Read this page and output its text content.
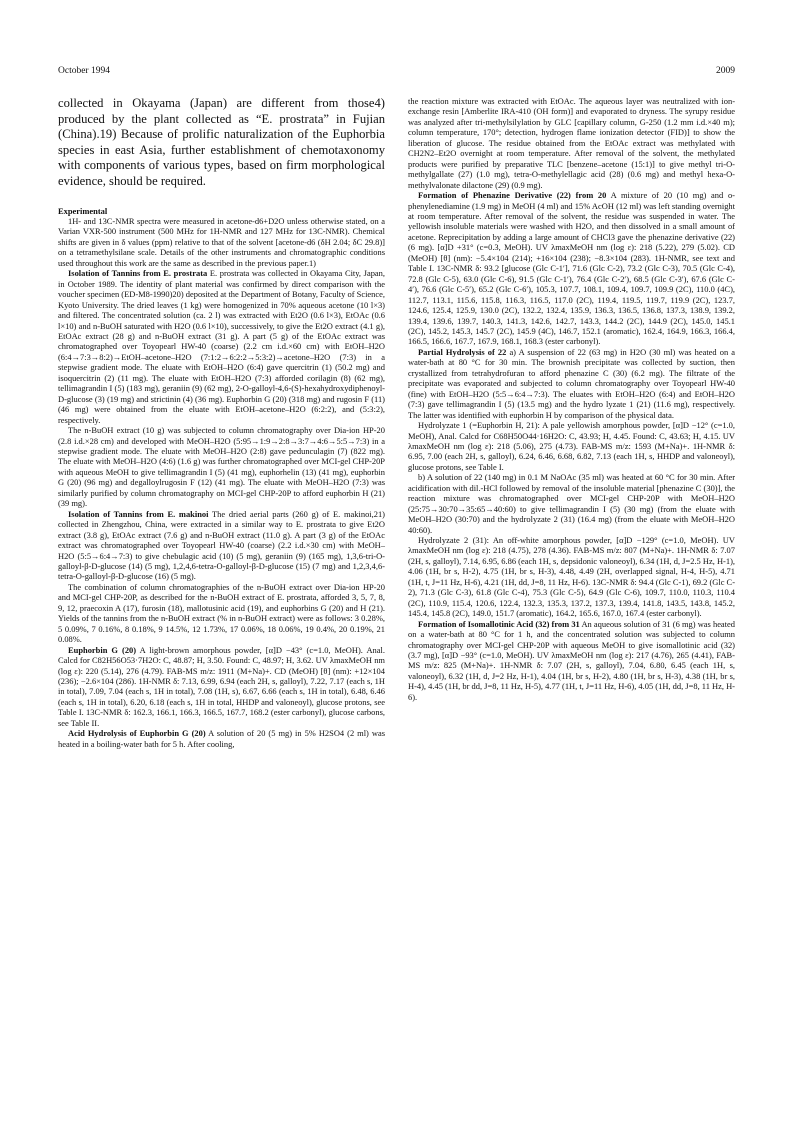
October 1994	2009

collected in Okayama (Japan) are different from those4) produced by the plant collected as “E. prostrata” in Fujian (China).19) Because of prolific naturalization of the Euphorbia species in east Asia, further establishment of chemotaxonomy with components of various types, based on firm morphological evidence, should be required.

Experimental

1H- and 13C-NMR spectra were measured in acetone-d6+D2O unless otherwise stated, on a Varian VXR-500 instrument (500 MHz for 1H-NMR and 127 MHz for 13C-NMR). Chemical shifts are given in δ values (ppm) relative to that of the solvent [acetone-d6 (δH 2.04; δC 29.8)] on a tetramethylsilane scale. Details of the other instruments and chromatographic conditions used throughout this work are the same as described in the previous paper.1)

Isolation of Tannins from E. prostrata E. prostrata was collected in Okayama City, Japan, in October 1989. The identity of plant material was confirmed by direct comparison with the voucher specimen (ED-M8-1990)20) deposited at the Department of Botany, Faculty of Science, Kyoto University. The dried leaves (1 kg) were homogenized in 70% aqueous acetone (10 l×3) and filtered. The concentrated solution (ca. 2 l) was extracted with Et2O (0.6 l×3), EtOAc (0.6 l×10) and n-BuOH saturated with H2O (0.6 l×10), successively, to give the Et2O extract (4.1 g), EtOAc extract (28 g) and n-BuOH extract (31 g). A part (5 g) of the EtOAc extract was chromatographed over Toyopearl HW-40 (coarse) (2.2 cm i.d.×60 cm) with EtOH–H2O (6:4→7:3→8:2)→EtOH–acetone–H2O (7:1:2→6:2:2→5:3:2)→acetone–H2O (7:3) in a stepwise gradient mode. The eluate with EtOH–H2O (6:4) gave quercitrin (1) (50.2 mg) and isoquercitrin (2) (11 mg). The eluate with EtOH–H2O (7:3) afforded corilagin (8) (62 mg), tellimagrandin I (5) (183 mg), geraniin (9) (62 mg), 2-O-galloyl-4,6-(S)-hexahydroxydiphenoyl-D-glucose (3) (19 mg) and strictinin (4) (36 mg). Euphorbin G (20) (318 mg) and rugosin F (11) (46 mg) were obtained from the eluate with EtOH–acetone–H2O (6:2:2), and (5:3:2), respectively.

The n-BuOH extract (10 g) was subjected to column chromatography over Dia-ion HP-20 (2.8 i.d.×28 cm) and developed with MeOH–H2O (5:95→1:9→2:8→3:7→4:6→5:5→7:3) in a stepwise gradient mode. The eluate with MeOH–H2O (2:8) gave pedunculagin (7) (822 mg). The eluate with MeOH–H2O (4:6) (1.6 g) was further chromatographed over MCI-gel CHP-20P with aqueous MeOH to give tellimagrandin I (5) (41 mg), euphorhelin (13) (41 mg), euphorbin G (20) (96 mg) and degalloylrugosin F (12) (41 mg). The eluate with MeOH–H2O (7:3) was similarly purified by column chromatography on MCI-gel CHP-20P to afford euphorbin H (21) (39 mg).

Isolation of Tannins from E. makinoi The dried aerial parts (260 g) of E. makinoi,21) collected in Zhengzhou, China, were extracted in a similar way to E. prostrata to give Et2O extract (3.8 g), EtOAc extract (7.6 g) and n-BuOH extract (11.0 g). A part (3 g) of the EtOAc extract was chromatographed over Toyopearl HW-40 (coarse) (2.2 i.d.×30 cm) with MeOH–H2O (5:5→6:4→7:3) to give chebulagic acid (10) (5 mg), geraniin (9) (165 mg), 1,3,6-tri-O-galloyl-β-D-glucose (14) (5 mg), 1,2,4,6-tetra-O-galloyl-β-D-glucose (15) (7 mg) and 1,2,3,4,6-tetra-O-galloyl-β-D-glucose (16) (5 mg).

The combination of column chromatographies of the n-BuOH extract over Dia-ion HP-20 and MCI-gel CHP-20P, as described for the n-BuOH extract of E. prostrata, afforded 3, 5, 7, 8, 9, 12, praecoxin A (17), furosin (18), mallotusinic acid (19), and euphorbins G (20) and H (21). Yields of the tannins from the n-BuOH extract (% in n-BuOH extract) were as follows: 3 0.28%, 5 0.09%, 7 0.16%, 8 0.18%, 9 14.5%, 12 1.73%, 17 0.06%, 18 0.06%, 19 0.4%, 20 0.19%, 21 0.08%.

Euphorbin G (20) A light-brown amorphous powder, [α]D −43° (c=1.0, MeOH). Anal. Calcd for C82H56O53·7H2O: C, 48.87; H, 3.50. Found: C, 48.97; H, 3.62. UV λmaxMeOH nm (log ε): 220 (5.14), 276 (4.79). FAB-MS m/z: 1911 (M+Na)+. CD (MeOH) [θ] (nm): +12×104 (236); −2.6×104 (286). 1H-NMR δ: 7.13, 6.99, 6.94 (each 2H, s, galloyl), 7.22, 7.17 (each s, 1H in total), 7.09, 7.04 (each s, 1H in total), 7.08 (1H, s), 6.67, 6.66 (each s, 1H in total), 6.48, 6.46 (each s, 1H in total), 6.20, 6.18 (each s, 1H in total, HHDP and valoneoyl), glucose protons, see Table I. 13C-NMR δ: 162.3, 166.1, 166.3, 166.5, 167.7, 168.2 (ester carbonyl), glucose carbons, see Table II.

Acid Hydrolysis of Euphorbin G (20) A solution of 20 (5 mg) in 5% H2SO4 (2 ml) was heated in a boiling-water bath for 5 h. After cooling,

the reaction mixture was extracted with EtOAc. The aqueous layer was neutralized with ion-exchange resin [Amberlite IRA-410 (OH form)] and evaporated to dryness. The syrupy residue was analyzed after tri-methylsilylation by GLC [capillary column, G-250 (1.2 mm i.d.×40 m); column temperature, 170°; detection, hydrogen flame ionization detector (FID)] to show the liberation of glucose. The residue obtained from the EtOAc extract was methylated with CH2N2–Et2O overnight at room temperature. After removal of the solvent, the methylated products were purified by preparative TLC [benzene–acetone (15:1)] to give methyl tri-O-methylgallate (27) (1.0 mg), tetra-O-methylellagic acid (28) (0.6 mg) and methyl hexa-O-methylvalonate dilactone (29) (0.9 mg).

Formation of Phenazine Derivative (22) from 20 A mixture of 20 (10 mg) and o-phenylenediamine (1.9 mg) in MeOH (4 ml) and 15% AcOH (12 ml) was left standing overnight at room temperature. After removal of the solvent, the residue was suspended in water. The yellowish insoluble materials were washed with H2O, and then dissolved in a small amount of acetone. Reprecipitation by adding a large amount of CHCl3 gave the phenazine derivative (22) (6 mg). [α]D +31° (c=0.3, MeOH). UV λmaxMeOH nm (log ε): 218 (5.22), 279 (5.02). CD (MeOH) [θ] (nm): −5.4×104 (214); +16×104 (238); −8.3×104 (283). 1H-NMR, see text and Table I. 13C-NMR δ: 93.2 [glucose (Glc C-1′], 71.6 (Glc C-2), 73.2 (Glc C-3), 70.5 (Glc C-4), 72.8 (Glc C-5), 63.0 (Glc C-6), 91.5 (Glc C-1′), 76.4 (Glc C-2′), 68.5 (Glc C-3′), 67.6 (Glc C-4′), 76.6 (Glc C-5′), 65.2 (Glc C-6′), 105.3, 107.7, 108.1, 109.4, 109.7, 109.9 (2C), 110.0 (4C), 112.7, 113.1, 115.6, 115.8, 116.3, 116.5, 117.0 (2C), 119.4, 119.5, 119.7, 119.9 (2C), 123.7, 124.6, 125.4, 125.9, 130.0 (2C), 132.2, 132.4, 135.9, 136.3, 136.5, 136.8, 137.3, 138.9, 139.2, 139.4, 139.6, 139.7, 140.3, 141.3, 142.6, 142.7, 143.3, 144.2 (2C), 144.9 (2C), 145.0, 145.1 (2C), 145.2, 145.3, 145.7 (2C), 145.9 (4C), 146.7, 152.1 (aromatic), 162.4, 164.9, 166.3, 166.4, 166.5, 166.6, 167.7, 167.9, 168.1, 168.3 (ester carbonyl).

Partial Hydrolysis of 22 a) A suspension of 22 (63 mg) in H2O (30 ml) was heated on a water-bath at 80 °C for 30 min. The brownish precipitate was collected by suction, then crystallized from tetrahydrofuran to afford phenazine C (30) (6.2 mg). The filtrate of the precipitate was evaporated and subjected to column chromatography over Toyopearl HW-40 (fine) with EtOH–H2O (5:5→6:4→7:3). The eluates with EtOH–H2O (6:4) and EtOH–H2O (7:3) gave tellimagrandin I (5) (13.5 mg) and the hydro lyzate 1 (21) (11.6 mg), respectively. The latter was identified with euphorbin H by comparison of the physical data.

Hydrolyzate 1 (=Euphorbin H, 21): A pale yellowish amorphous powder, [α]D −12° (c=1.0, MeOH), Anal. Calcd for C68H50O44·16H2O: C, 43.93; H, 4.45. Found: C, 43.63; H, 4.15. UV λmaxMeOH nm (log ε): 218 (5.06), 275 (4.73). FAB-MS m/z: 1593 (M+Na)+. 1H-NMR δ: 6.95, 7.00 (each 2H, s, galloyl), 6.24, 6.46, 6.68, 6.82, 7.13 (each 1H, s, HHDP and valoneoyl), glucose protons, see Table I.

b) A solution of 22 (140 mg) in 0.1 M NaOAc (35 ml) was heated at 60 °C for 30 min. After acidification with dil.-HCl followed by removal of the insoluble material [phenazine C (30)], the reaction mixture was chromatographed over MCI-gel CHP-20P with MeOH–H2O (25:75→30:70→35:65→40:60) to give tellimagrandin I (5) (30 mg) (from the eluate with MeOH–H2O (30:70) and the hydrolyzate 2 (31) (16.4 mg) (from the eluate with MeOH–H2O 40:60).

Hydrolyzate 2 (31): An off-white amorphous powder, [α]D −129° (c=1.0, MeOH). UV λmaxMeOH nm (log ε): 218 (4.75), 278 (4.36). FAB-MS m/z: 807 (M+Na)+. 1H-NMR δ: 7.07 (2H, s, galloyl), 7.14, 6.95, 6.86 (each 1H, s, depsidonic valoneoyl), 6.34 (1H, d, J=2.5 Hz, H-1), 4.06 (1H, br s, H-2), 4.75 (1H, br s, H-3), 4.48, 4.49 (2H, overlapped signal, H-4, H-5), 4.71 (1H, t, J=11 Hz, H-6), 4.21 (1H, dd, J=8, 11 Hz, H-6). 13C-NMR δ: 94.4 (Glc C-1), 69.2 (Glc C-2), 71.3 (Glc C-3), 61.8 (Glc C-4), 75.3 (Glc C-5), 64.9 (Glc C-6), 109.7, 110.0, 110.3, 110.4 (2C), 110.9, 115.4, 120.6, 122.4, 132.3, 135.3, 137.2, 137.3, 139.4, 141.8, 143.5, 143.8, 145.2, 145.4, 145.8 (2C), 149.0, 151.7 (aromatic), 164.2, 165.6, 167.0, 167.4 (ester carbonyl).

Formation of Isomallotinic Acid (32) from 31 An aqueous solution of 31 (6 mg) was heated on a water-bath at 80 °C for 1 h, and the concentrated solution was subjected to column chromatography over MCI-gel CHP-20P with aqueous MeOH to give isomallotinic acid (32) (3.7 mg), [α]D −93° (c=1.0, MeOH). UV λmaxMeOH nm (log ε): 217 (4.76), 265 (4.41), FAB-MS m/z: 825 (M+Na)+. 1H-NMR δ: 7.07 (2H, s, galloyl), 7.04, 6.80, 6.45 (each 1H, s, valoneoyl), 6.32 (1H, d, J=2 Hz, H-1), 4.04 (1H, br s, H-2), 4.80 (1H, br s, H-3), 4.38 (1H, br s, H-4), 4.45 (1H, br dd, J=8, 11 Hz, H-5), 4.77 (1H, t, J=11 Hz, H-6), 4.05 (1H, dd, J=8, 11 Hz, H-6).
